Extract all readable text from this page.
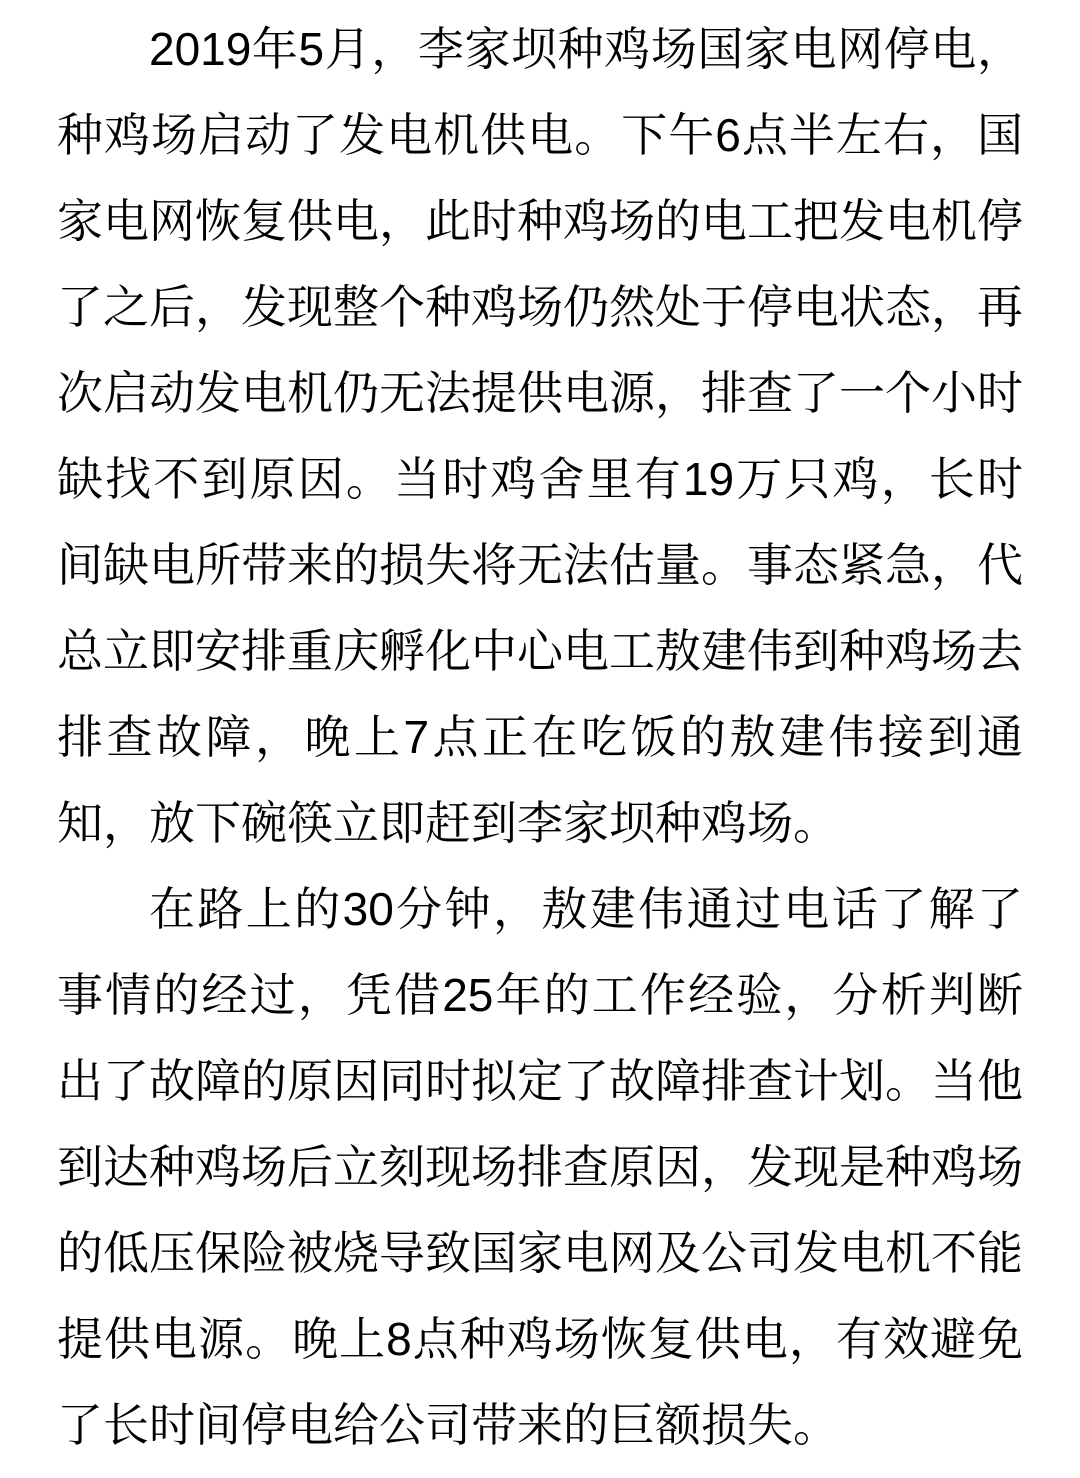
2019年5月，李家坝种鸡场国家电网停电，种鸡场启动了发电机供电。下午6点半左右，国家电网恢复供电，此时种鸡场的电工把发电机停了之后，发现整个种鸡场仍然处于停电状态，再次启动发电机仍无法提供电源，排查了一个小时缺找不到原因。当时鸡舍里有19万只鸡，长时间缺电所带来的损失将无法估量。事态紧急，代总立即安排重庆孵化中心电工敖建伟到种鸡场去排查故障，晚上7点正在吃饭的敖建伟接到通知，放下碗筷立即赶到李家坝种鸡场。

在路上的30分钟，敖建伟通过电话了解了事情的经过，凭借25年的工作经验，分析判断出了故障的原因同时拟定了故障排查计划。当他到达种鸡场后立刻现场排查原因，发现是种鸡场的低压保险被烧导致国家电网及公司发电机不能提供电源。晚上8点种鸡场恢复供电，有效避免了长时间停电给公司带来的巨额损失。
